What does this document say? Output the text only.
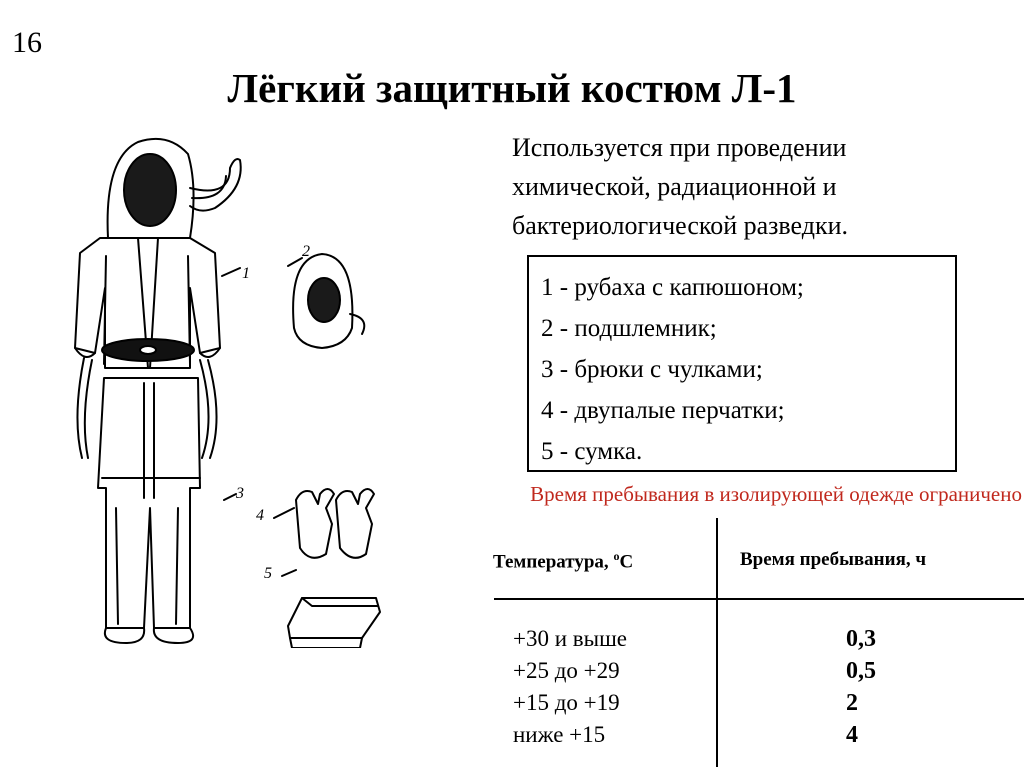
16
Лёгкий защитный костюм Л-1
1
2
3
4
5

Используется при проведении химической, радиационной и бактериологической разведки.

1 - рубаха с капюшоном;
2 - подшлемник;
3 - брюки с чулками;
4 - двупалые перчатки;
5 - сумка.
Время пребывания в изолирующей одежде ограничено
Температура, $^о$С	Время пребывания, ч
+30 и выше	0,3
+25 до +29	0,5
+15 до +19	2
ниже +15	4
